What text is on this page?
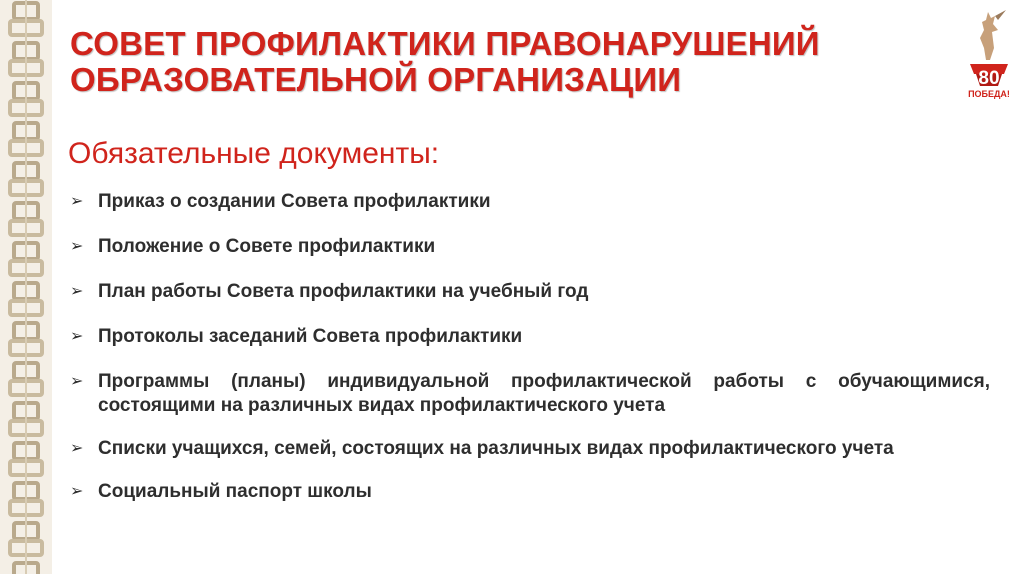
СОВЕТ ПРОФИЛАКТИКИ ПРАВОНАРУШЕНИЙ
ОБРАЗОВАТЕЛЬНОЙ ОРГАНИЗАЦИИ	80
ПОБЕДА!
Обязательные документы:
➢ Приказ о создании Совета профилактики
➢ Положение о Совете профилактики
➢ План работы Совета профилактики на учебный год
➢ Протоколы заседаний Совета профилактики
➢ Программы (планы) индивидуальной профилактической работы с обучающимися, состоящими на различных видах профилактического учета
➢ Списки учащихся, семей, состоящих на различных видах профилактического учета
➢ Социальный паспорт школы
